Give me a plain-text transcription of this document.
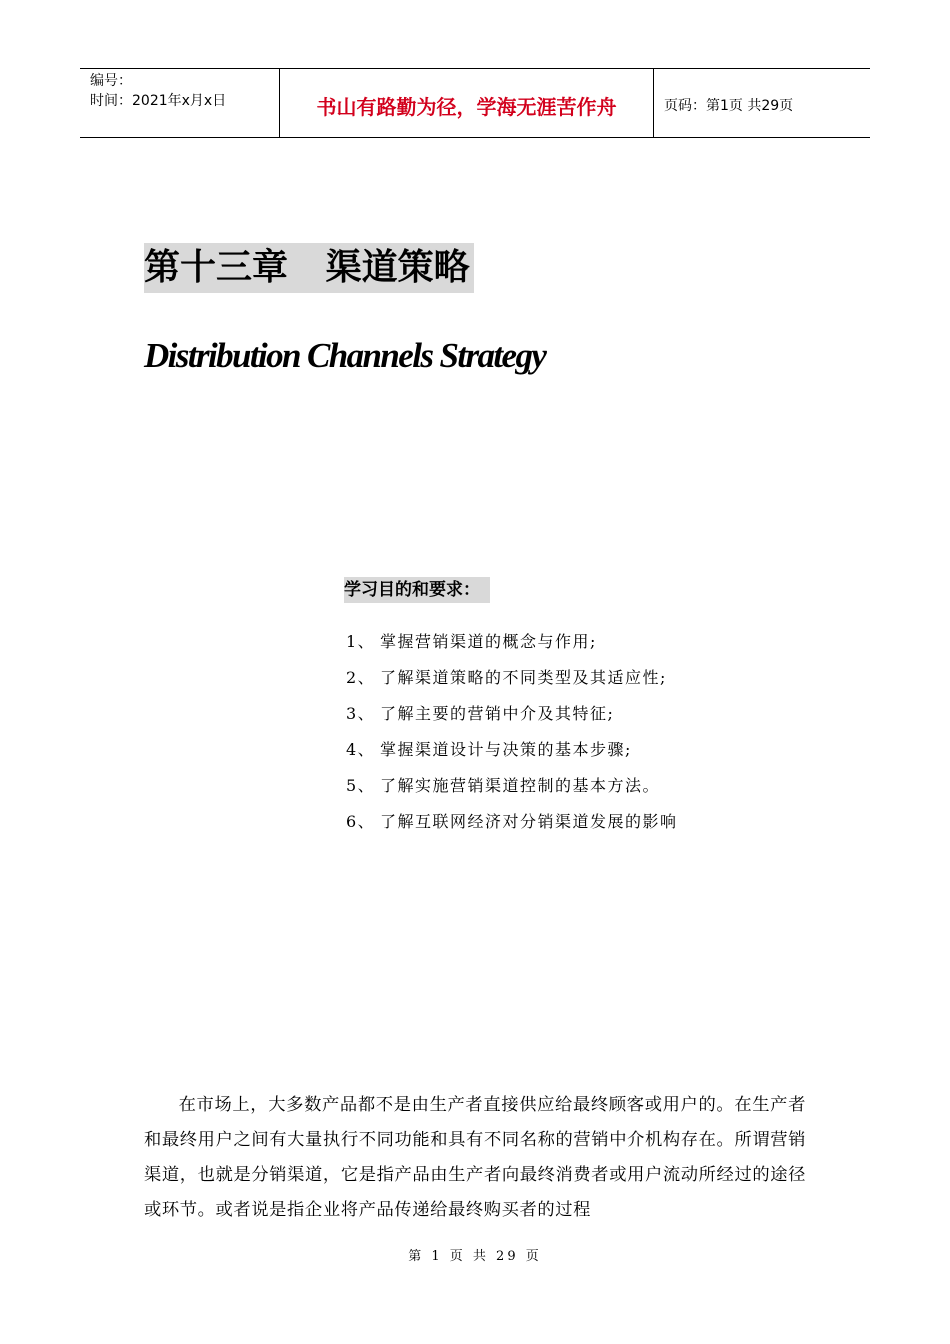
编号：
时间：2021年x月x日	书山有路勤为径，学海无涯苦作舟	页码：第1页 共29页
第十三章   渠道策略
Distribution Channels Strategy
学习目的和要求：
1、 掌握营销渠道的概念与作用;
2、 了解渠道策略的不同类型及其适应性;
3、 了解主要的营销中介及其特征;
4、 掌握渠道设计与决策的基本步骤;
5、 了解实施营销渠道控制的基本方法。
6、 了解互联网经济对分销渠道发展的影响

在市场上，大多数产品都不是由生产者直接供应给最终顾客或用户的。在生产者和最终用户之间有大量执行不同功能和具有不同名称的营销中介机构存在。所谓营销渠道，也就是分销渠道，它是指产品由生产者向最终消费者或用户流动所经过的途径或环节。或者说是指企业将产品传递给最终购买者的过程

第 1 页 共 29 页
